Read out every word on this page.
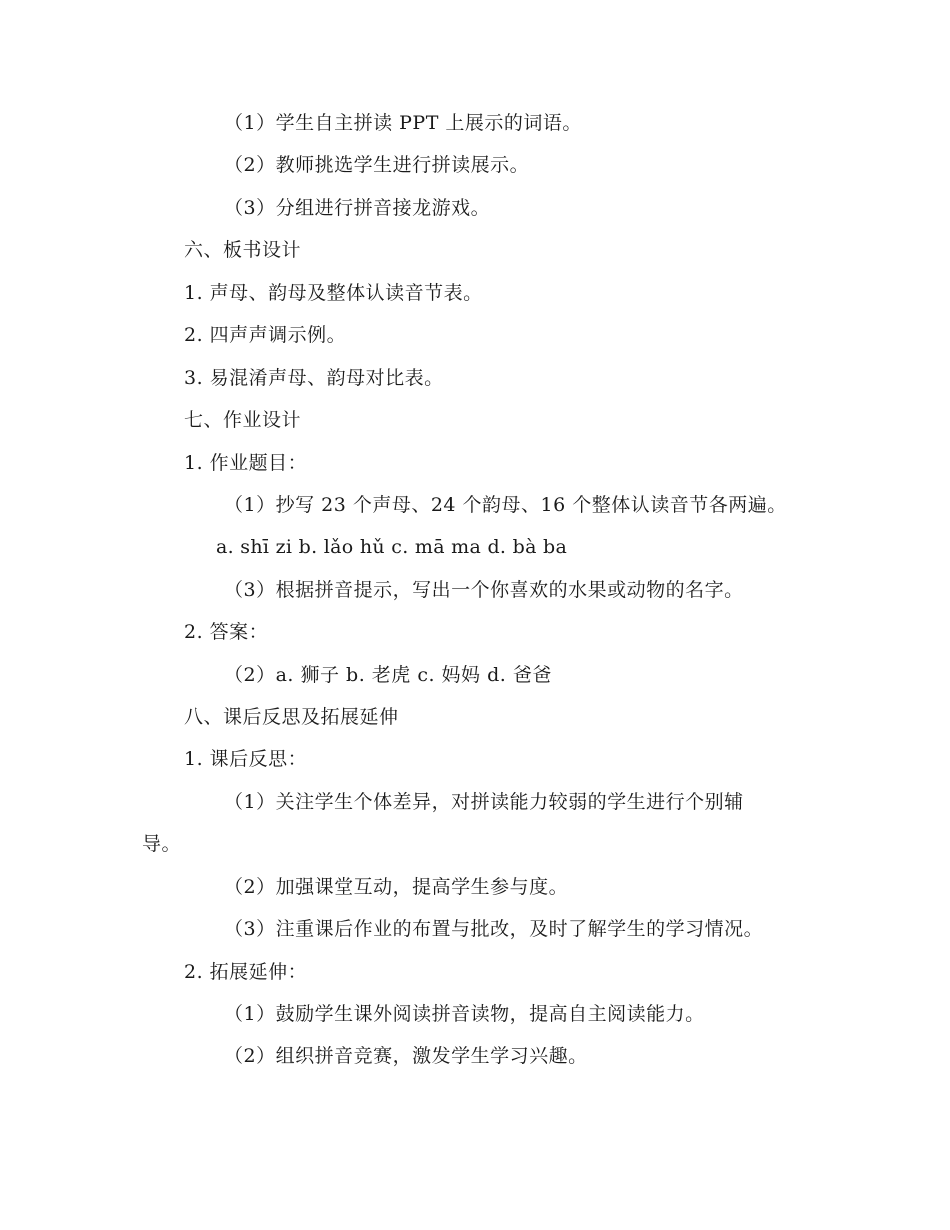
（1）学生自主拼读 PPT 上展示的词语。
（2）教师挑选学生进行拼读展示。
（3）分组进行拼音接龙游戏。
六、板书设计
1. 声母、韵母及整体认读音节表。
2. 四声声调示例。
3. 易混淆声母、韵母对比表。
七、作业设计
1. 作业题目：
（1）抄写 23 个声母、24 个韵母、16 个整体认读音节各两遍。
a. shī zi b. lǎo hǔ c. mā ma d. bà ba
（3）根据拼音提示，写出一个你喜欢的水果或动物的名字。
2. 答案：
（2）a. 狮子 b. 老虎 c. 妈妈 d. 爸爸
八、课后反思及拓展延伸
1. 课后反思：
（1）关注学生个体差异，对拼读能力较弱的学生进行个别辅
导。
（2）加强课堂互动，提高学生参与度。
（3）注重课后作业的布置与批改，及时了解学生的学习情况。
2. 拓展延伸：
（1）鼓励学生课外阅读拼音读物，提高自主阅读能力。
（2）组织拼音竞赛，激发学生学习兴趣。
